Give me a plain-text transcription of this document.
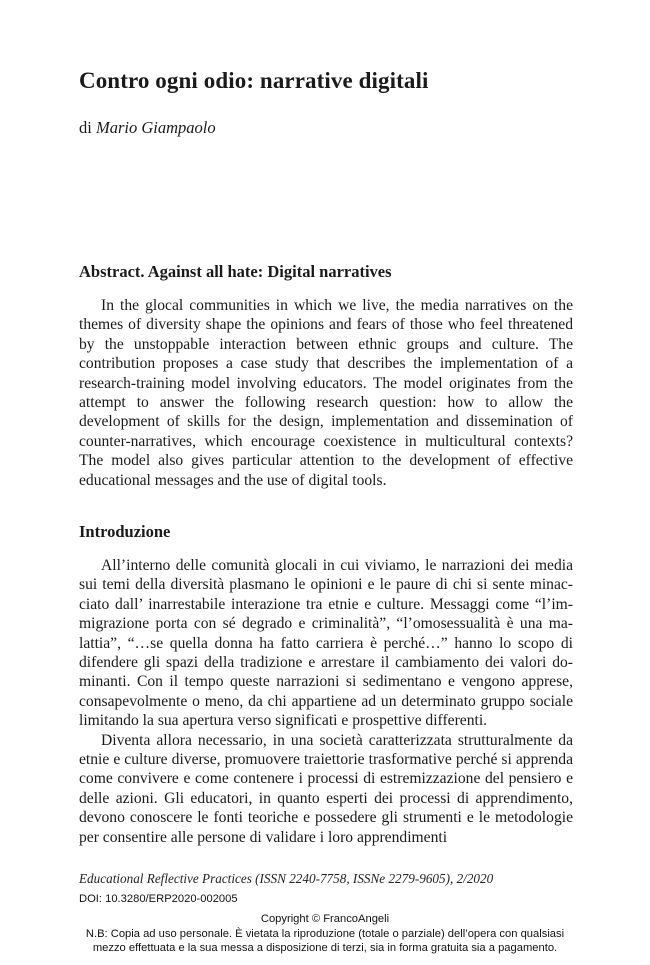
Contro ogni odio: narrative digitali
di Mario Giampaolo
Abstract. Against all hate: Digital narratives

In the glocal communities in which we live, the media narratives on the themes of diversity shape the opinions and fears of those who feel threatened by the unstoppable interaction between ethnic groups and culture. The contribution proposes a case study that describes the implementation of a research-training model involving educators. The model originates from the attempt to answer the following research question: how to allow the development of skills for the design, implementation and dissemination of counter-narratives, which encourage coexistence in multicultural contexts? The model also gives particular attention to the development of effective educational messages and the use of digital tools.

Introduzione

All’interno delle comunità glocali in cui viviamo, le narrazioni dei media sui temi della diversità plasmano le opinioni e le paure di chi si sente minacciato dall’ inarrestabile interazione tra etnie e culture. Messaggi come “l’immigrazione porta con sé degrado e criminalità”, “l’omosessualità è una malattia”, “…se quella donna ha fatto carriera è perché…” hanno lo scopo di difendere gli spazi della tradizione e arrestare il cambiamento dei valori dominanti. Con il tempo queste narrazioni si sedimentano e vengono apprese, consapevolmente o meno, da chi appartiene ad un determinato gruppo sociale limitando la sua apertura verso significati e prospettive differenti.

Diventa allora necessario, in una società caratterizzata strutturalmente da etnie e culture diverse, promuovere traiettorie trasformative perché si apprenda come convivere e come contenere i processi di estremizzazione del pensiero e delle azioni. Gli educatori, in quanto esperti dei processi di apprendimento, devono conoscere le fonti teoriche e possedere gli strumenti e le metodologie per consentire alle persone di validare i loro apprendimenti

Educational Reflective Practices (ISSN 2240-7758, ISSNe 2279-9605), 2/2020
DOI: 10.3280/ERP2020-002005
Copyright © FrancoAngeli
N.B: Copia ad uso personale. È vietata la riproduzione (totale o parziale) dell’opera con qualsiasi
mezzo effettuata e la sua messa a disposizione di terzi, sia in forma gratuita sia a pagamento.
